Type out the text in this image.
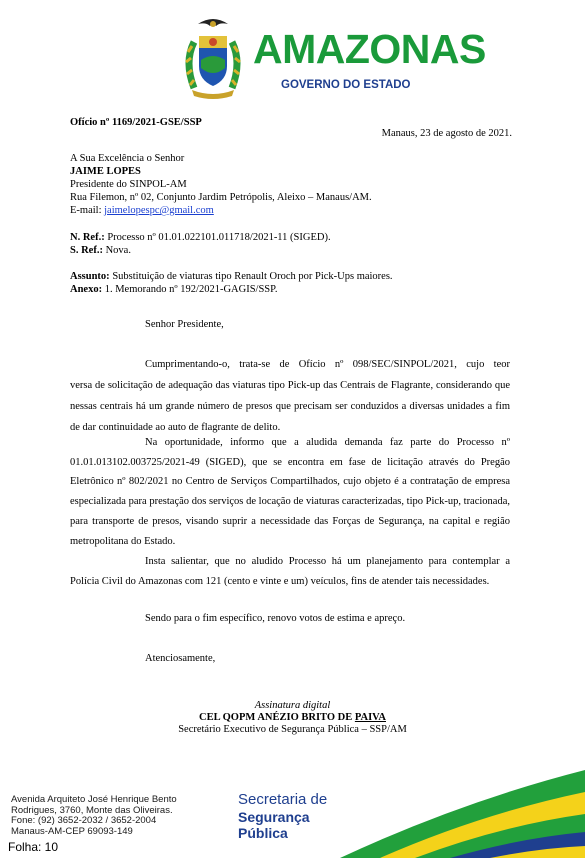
AMAZONAS
GOVERNO DO ESTADO
Ofício nº 1169/2021-GSE/SSP
Manaus, 23 de agosto de 2021.
A Sua Excelência o Senhor
JAIME LOPES
Presidente do SINPOL-AM
Rua Filemon, nº 02, Conjunto Jardim Petrópolis, Aleixo – Manaus/AM.
E-mail: jaimelopespc@gmail.com
N. Ref.: Processo nº 01.01.022101.011718/2021-11 (SIGED).
S. Ref.: Nova.
Assunto: Substituição de viaturas tipo Renault Oroch por Pick-Ups maiores.
Anexo: 1. Memorando nº 192/2021-GAGIS/SSP.
Senhor Presidente,

Cumprimentando-o, trata-se de Ofício nº 098/SEC/SINPOL/2021, cujo teor

versa de solicitação de adequação das viaturas tipo Pick-up das Centrais de Flagrante, considerando que nessas centrais há um grande número de presos que precisam ser conduzidos a diversas unidades a fim de dar continuidade ao auto de flagrante de delito.

Na oportunidade, informo que a aludida demanda faz parte do Processo nº

01.01.013102.003725/2021-49 (SIGED), que se encontra em fase de licitação através do Pregão Eletrônico nº 802/2021 no Centro de Serviços Compartilhados, cujo objeto é a contratação de empresa especializada para prestação dos serviços de locação de viaturas caracterizadas, tipo Pick-up, tracionada, para transporte de presos, visando suprir a necessidade das Forças de Segurança, na capital e região metropolitana do Estado.

Insta salientar, que no aludido Processo há um planejamento para contemplar a

Polícia Civil do Amazonas com 121 (cento e vinte e um) veículos, fins de atender tais necessidades.

Sendo para o fim específico, renovo votos de estima e apreço.
Atenciosamente,
Assinatura digital
CEL QOPM ANÉZIO BRITO DE PAIVA
Secretário Executivo de Segurança Pública – SSP/AM
Avenida Arquiteto José Henrique Bento
Rodrigues, 3760, Monte das Oliveiras.
Fone: (92) 3652-2032 / 3652-2004
Manaus-AM-CEP 69093-149
Folha: 10
Secretaria de
Segurança
Pública
